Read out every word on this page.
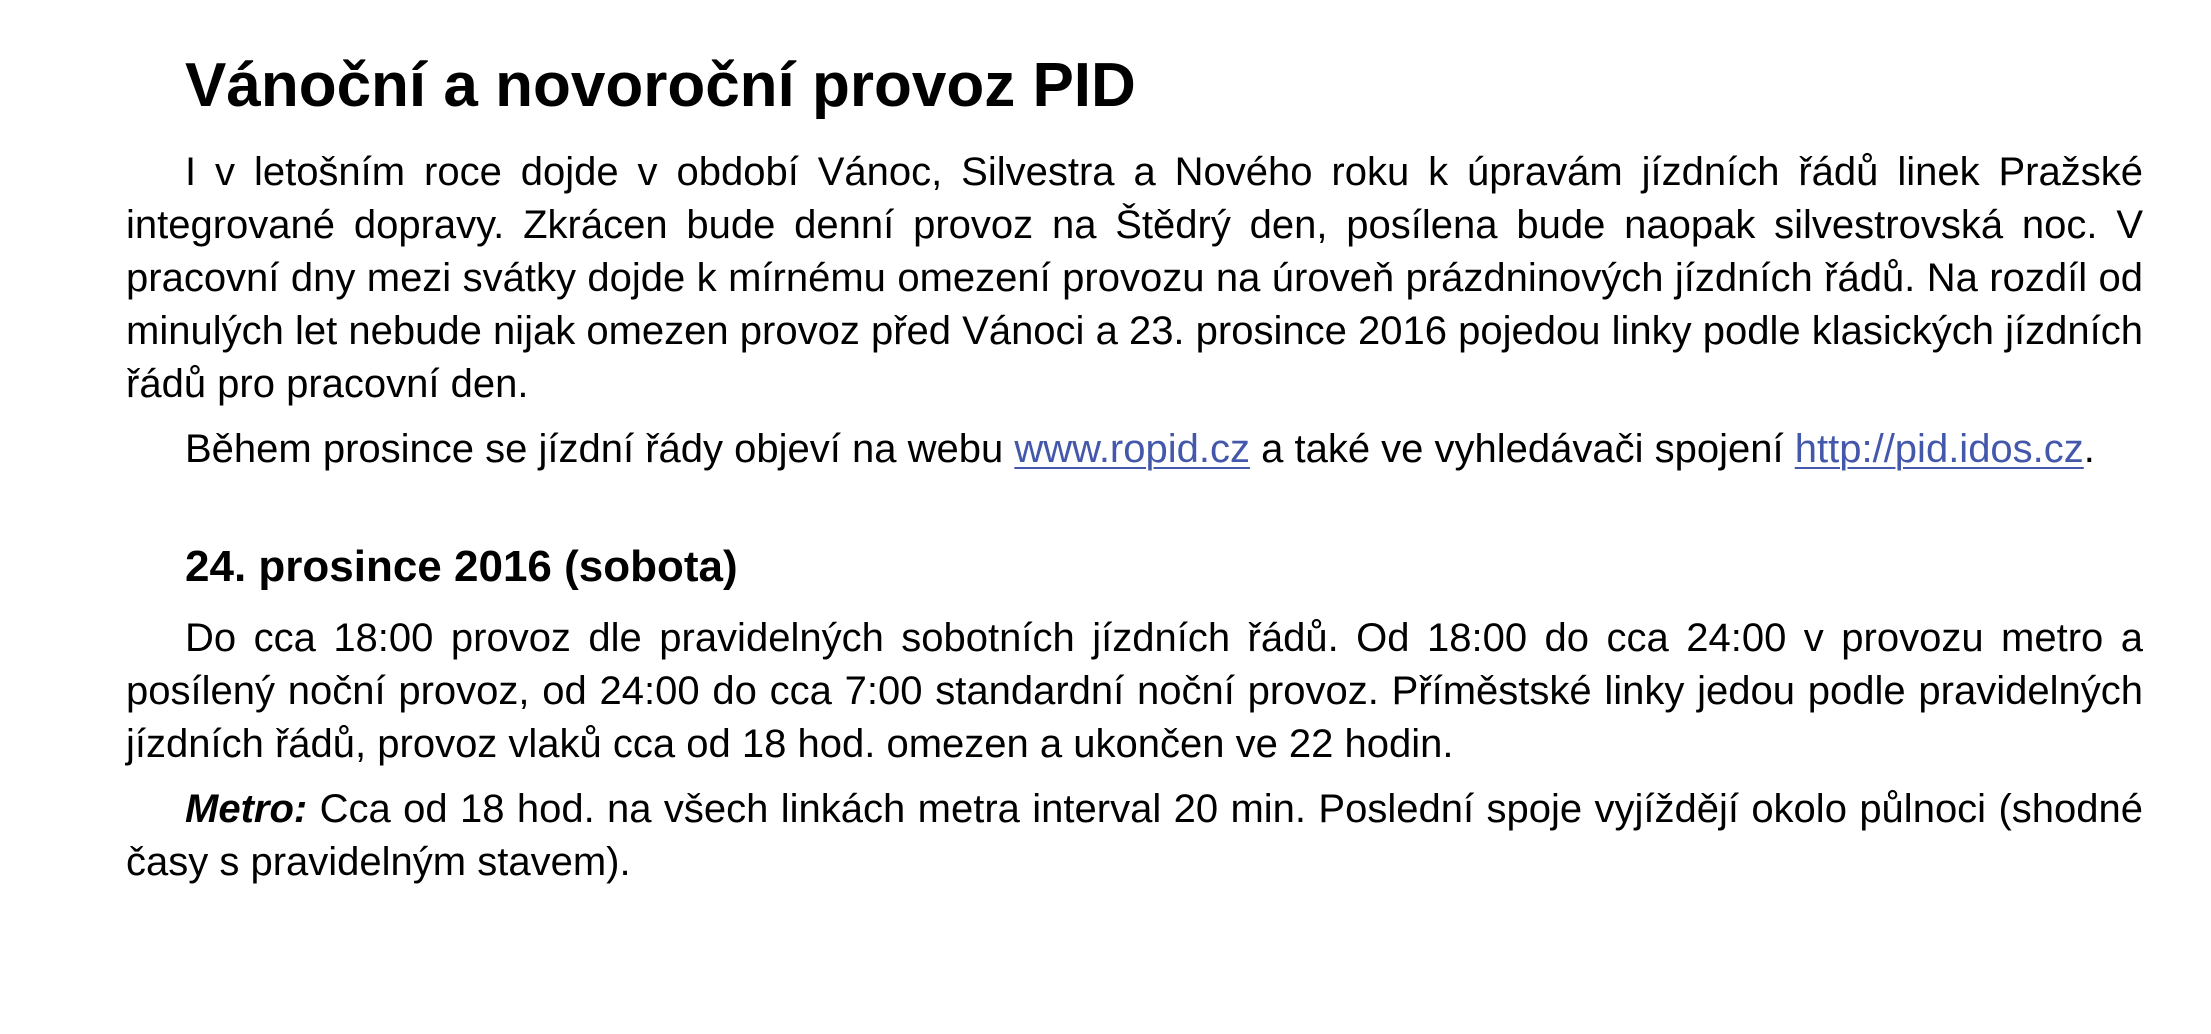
Vánoční a novoroční provoz PID

I v letošním roce dojde v období Vánoc, Silvestra a Nového roku k úpravám jízdních řádů linek Pražské integrované dopravy. Zkrácen bude denní provoz na Štědrý den, posílena bude naopak silvestrovská noc. V pracovní dny mezi svátky dojde k mírnému omezení provozu na úroveň prázdninových jízdních řádů. Na rozdíl od minulých let nebude nijak omezen provoz před Vánoci a 23. prosince 2016 pojedou linky podle klasických jízdních řádů pro pracovní den.

Během prosince se jízdní řády objeví na webu www.ropid.cz a také ve vyhledávači spojení http://pid.idos.cz.

24. prosince 2016 (sobota)

Do cca 18:00 provoz dle pravidelných sobotních jízdních řádů. Od 18:00 do cca 24:00 v provozu metro a posílený noční provoz, od 24:00 do cca 7:00 standardní noční provoz. Příměstské linky jedou podle pravidelných jízdních řádů, provoz vlaků cca od 18 hod. omezen a ukončen ve 22 hodin.

Metro: Cca od 18 hod. na všech linkách metra interval 20 min. Poslední spoje vyjíždějí okolo půlnoci (shodné časy s pravidelným stavem).
